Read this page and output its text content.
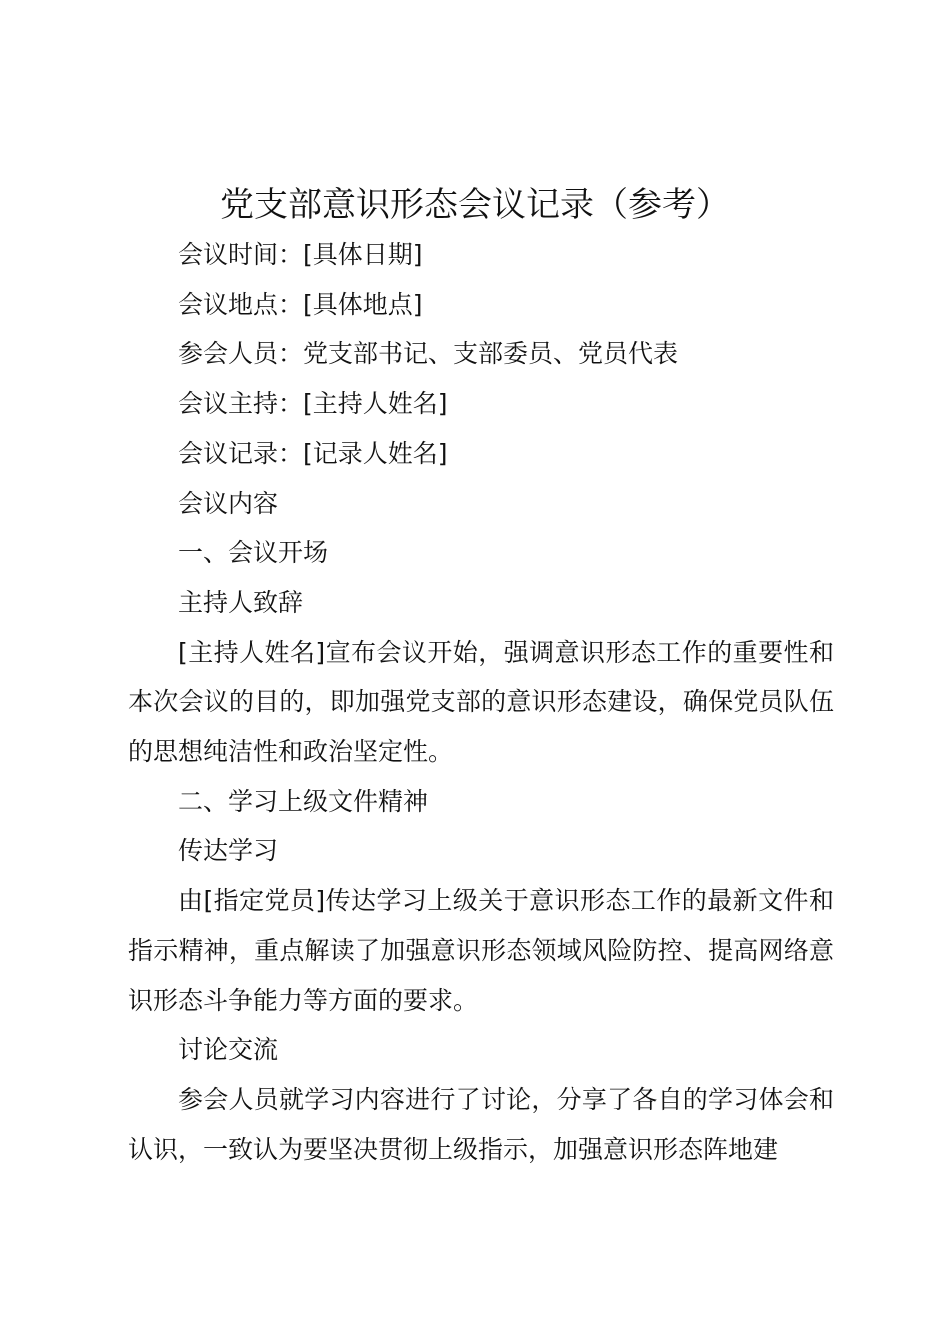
党支部意识形态会议记录（参考）

会议时间：[具体日期]

会议地点：[具体地点]

参会人员：党支部书记、支部委员、党员代表

会议主持：[主持人姓名]

会议记录：[记录人姓名]

会议内容

一、会议开场

主持人致辞

[主持人姓名]宣布会议开始，强调意识形态工作的重要性和本次会议的目的，即加强党支部的意识形态建设，确保党员队伍的思想纯洁性和政治坚定性。

二、学习上级文件精神

传达学习

由[指定党员]传达学习上级关于意识形态工作的最新文件和指示精神，重点解读了加强意识形态领域风险防控、提高网络意识形态斗争能力等方面的要求。

讨论交流

参会人员就学习内容进行了讨论，分享了各自的学习体会和认识，一致认为要坚决贯彻上级指示，加强意识形态阵地建
